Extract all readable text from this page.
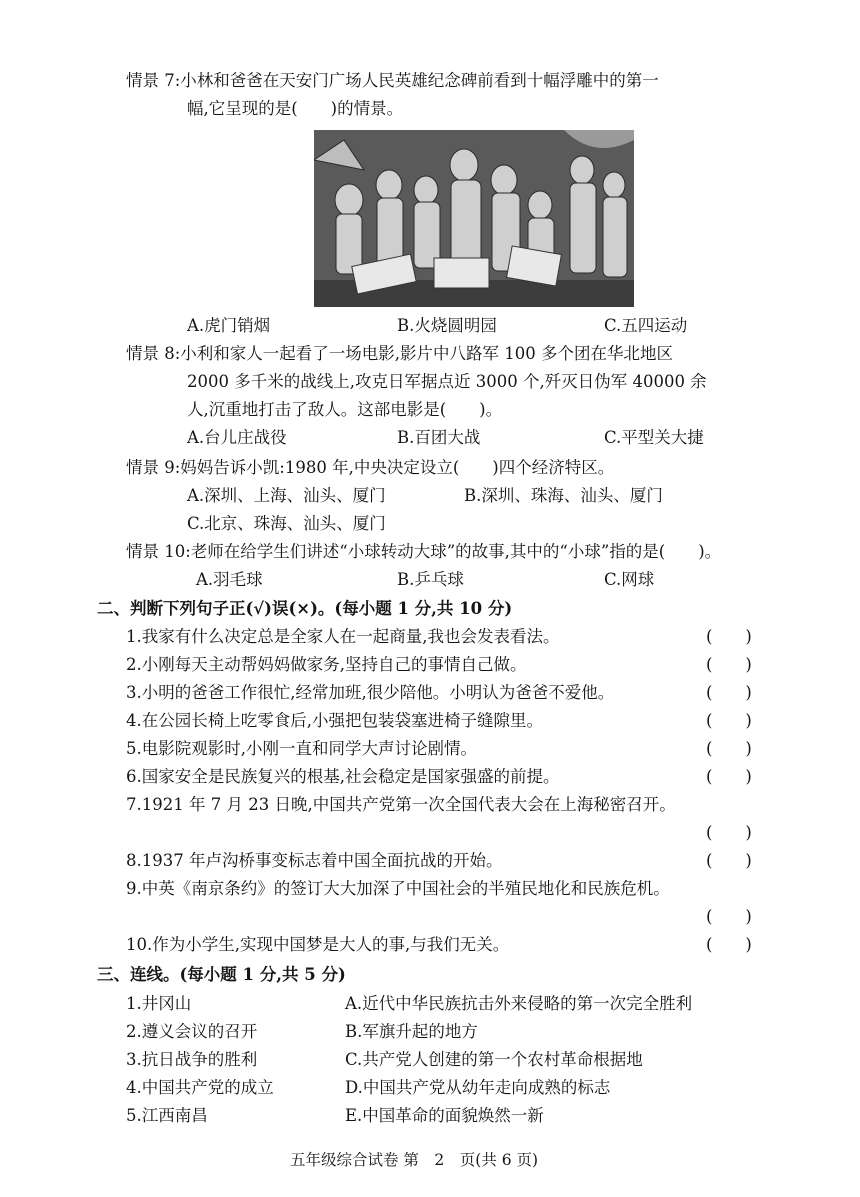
情景 7:小林和爸爸在天安门广场人民英雄纪念碑前看到十幅浮雕中的第一
幅,它呈现的是(　　)的情景。
A.虎门销烟	B.火烧圆明园	C.五四运动
情景 8:小利和家人一起看了一场电影,影片中八路军 100 多个团在华北地区
2000 多千米的战线上,攻克日军据点近 3000 个,歼灭日伪军 40000 余
人,沉重地打击了敌人。这部电影是(　　)。
A.台儿庄战役	B.百团大战	C.平型关大捷
情景 9:妈妈告诉小凯:1980 年,中央决定设立(　　)四个经济特区。
A.深圳、上海、汕头、厦门	B.深圳、珠海、汕头、厦门
C.北京、珠海、汕头、厦门
情景 10:老师在给学生们讲述“小球转动大球”的故事,其中的“小球”指的是(　　)。
A.羽毛球	B.乒乓球	C.网球
二、判断下列句子正(√)误(×)。(每小题 1 分,共 10 分)
1.我家有什么决定总是全家人在一起商量,我也会发表看法。	(　　)
2.小刚每天主动帮妈妈做家务,坚持自己的事情自己做。	(　　)
3.小明的爸爸工作很忙,经常加班,很少陪他。小明认为爸爸不爱他。	(　　)
4.在公园长椅上吃零食后,小强把包装袋塞进椅子缝隙里。	(　　)
5.电影院观影时,小刚一直和同学大声讨论剧情。	(　　)
6.国家安全是民族复兴的根基,社会稳定是国家强盛的前提。	(　　)
7.1921 年 7 月 23 日晚,中国共产党第一次全国代表大会在上海秘密召开。
(　　)
8.1937 年卢沟桥事变标志着中国全面抗战的开始。	(　　)
9.中英《南京条约》的签订大大加深了中国社会的半殖民地化和民族危机。
(　　)
10.作为小学生,实现中国梦是大人的事,与我们无关。	(　　)
三、连线。(每小题 1 分,共 5 分)
1.井冈山	A.近代中华民族抗击外来侵略的第一次完全胜利
2.遵义会议的召开	B.军旗升起的地方
3.抗日战争的胜利	C.共产党人创建的第一个农村革命根据地
4.中国共产党的成立	D.中国共产党从幼年走向成熟的标志
5.江西南昌	E.中国革命的面貌焕然一新
五年级综合试卷 第　2　页(共 6 页)
